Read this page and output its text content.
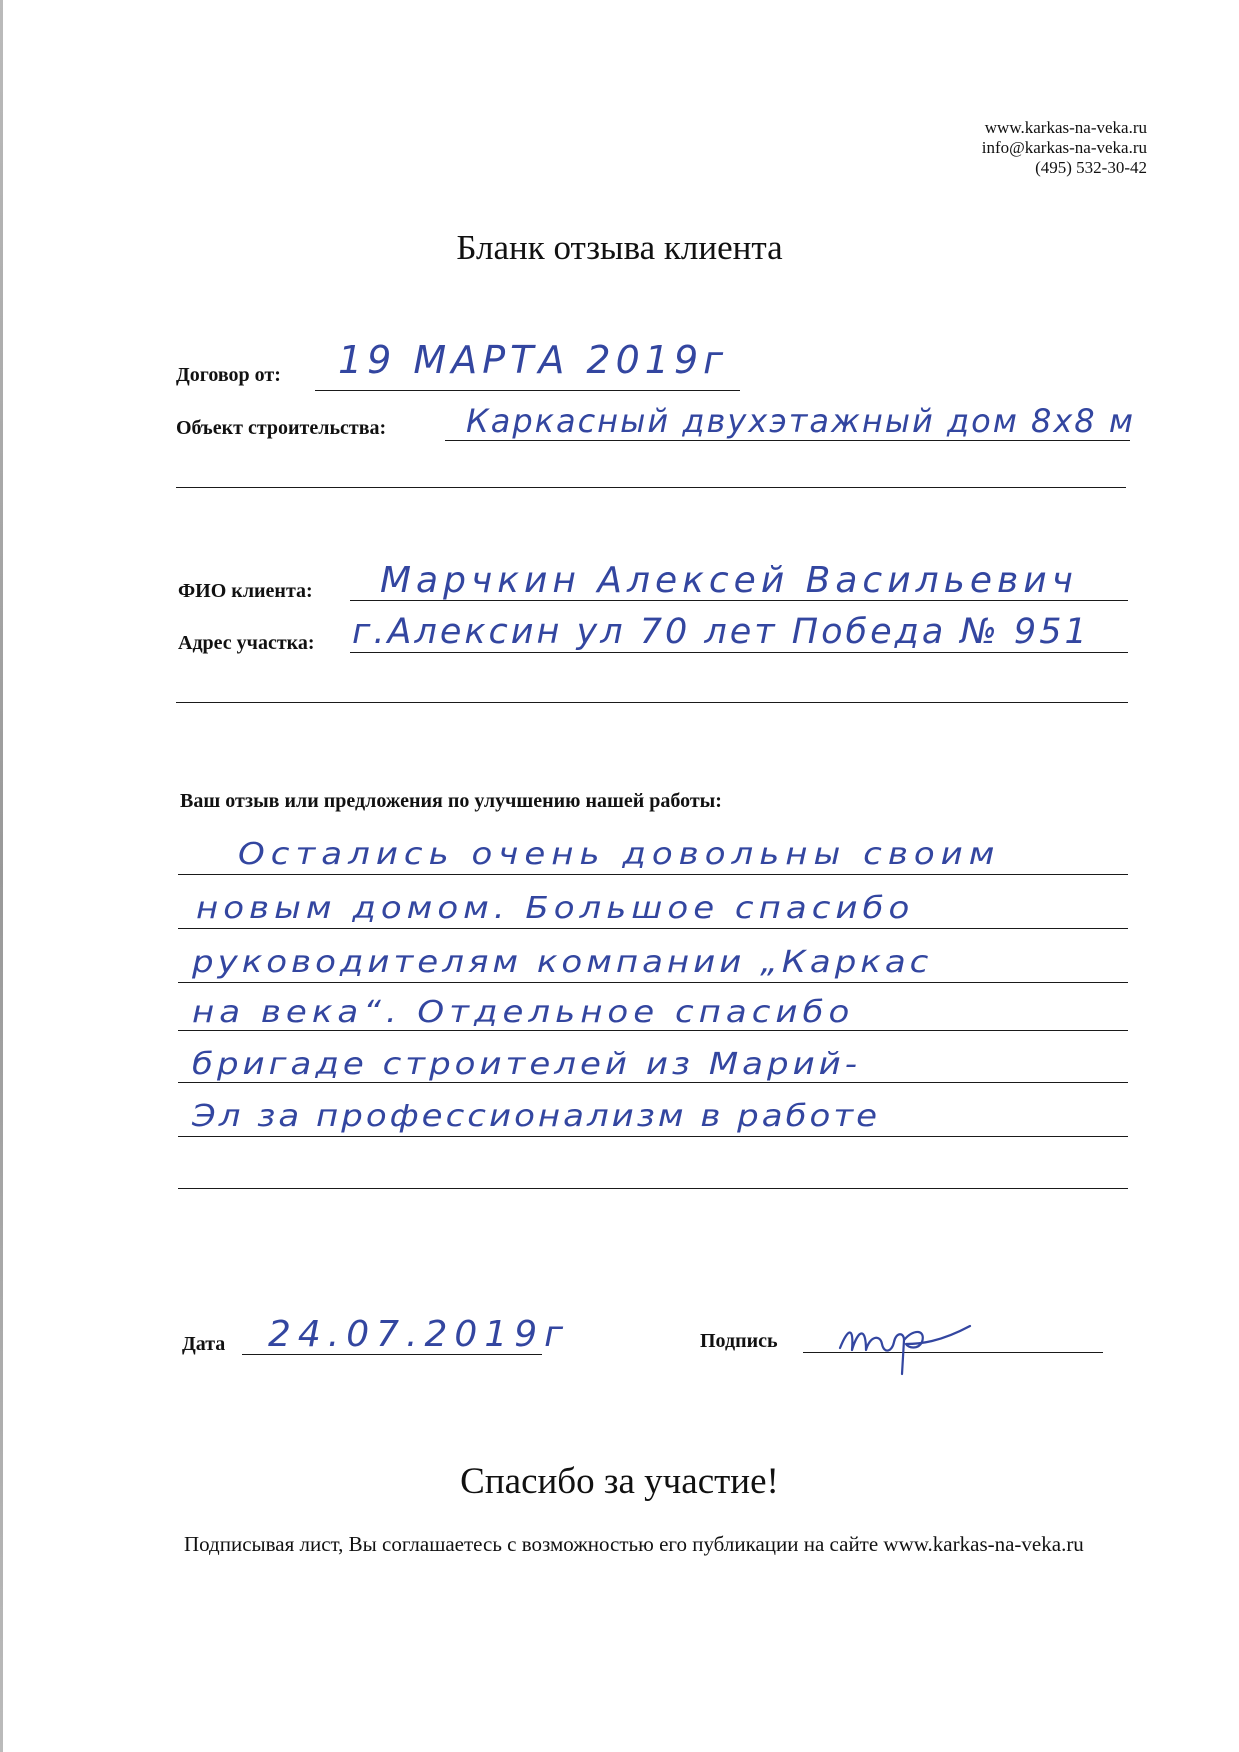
www.karkas-na-veka.ru
info@karkas-na-veka.ru
(495) 532-30-42
Бланк отзыва клиента
Договор от: 19 МАРТА 2019г
Объект строительства: Каркасный двухэтажный дом 8х8 м
ФИО клиента: Марчкин Алексей Васильевич
Адрес участка: г.Алексин ул 70 лет Победа № 951
Ваш отзыв или предложения по улучшению нашей работы:
Остались очень довольны своим
новым домом. Большое спасибо
руководителям компании „Каркас
на века“. Отдельное спасибо
бригаде строителей из Марий-
Эл за профессионализм в работе
Дата 24.07.2019г	Подпись
Спасибо за участие!
Подписывая лист, Вы соглашаетесь с возможностью его публикации на сайте www.karkas-na-veka.ru
